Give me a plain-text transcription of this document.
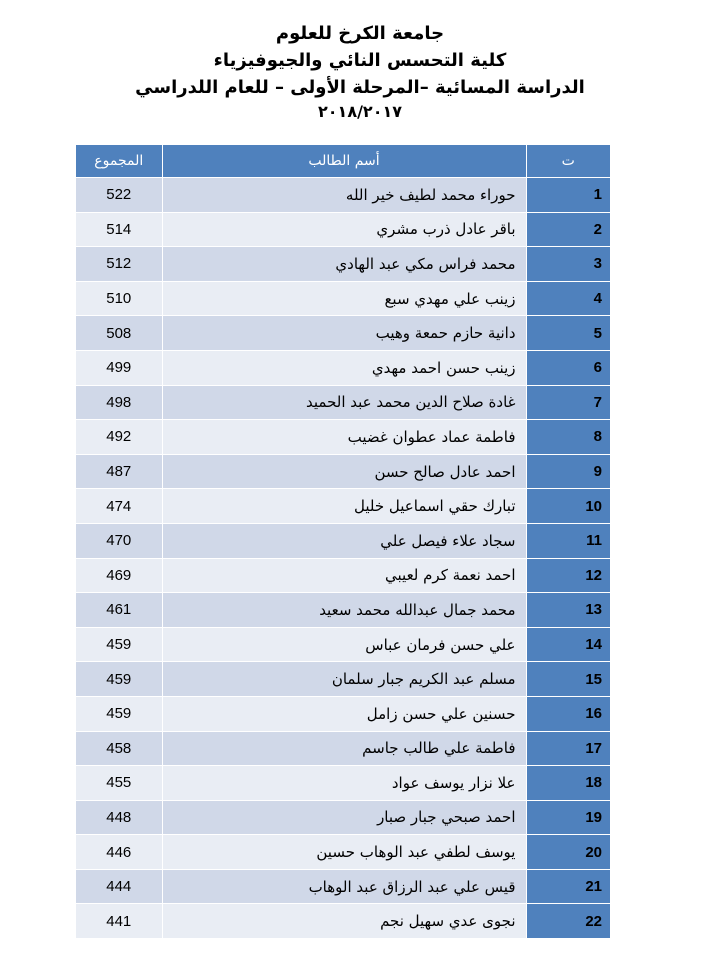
جامعة الكرخ للعلوم
كلية التحسس النائي والجيوفيزياء
الدراسة المسائية –المرحلة الأولى – للعام اللدراسي
٢٠١٨/٢٠١٧
المجموع	أسم الطالب	ت
522	حوراء محمد لطيف خير الله	1
514	باقر عادل ذرب مشري	2
512	محمد فراس مكي عبد الهادي	3
510	زينب علي مهدي سبع	4
508	دانية حازم حمعة وهيب	5
499	زينب حسن احمد مهدي	6
498	غادة صلاح الدين محمد عبد الحميد	7
492	فاطمة عماد عطوان غضيب	8
487	احمد عادل صالح حسن	9
474	تبارك حقي اسماعيل خليل	10
470	سجاد علاء فيصل علي	11
469	احمد نعمة كرم لعيبي	12
461	محمد جمال عبدالله محمد سعيد	13
459	علي حسن فرمان عباس	14
459	مسلم عبد الكريم جبار سلمان	15
459	حسنين علي حسن زامل	16
458	فاطمة علي طالب جاسم	17
455	علا نزار يوسف عواد	18
448	احمد صبحي جبار صبار	19
446	يوسف لطفي عبد الوهاب حسين	20
444	قيس علي عبد الرزاق عبد الوهاب	21
441	نجوى عدي سهيل نجم	22
